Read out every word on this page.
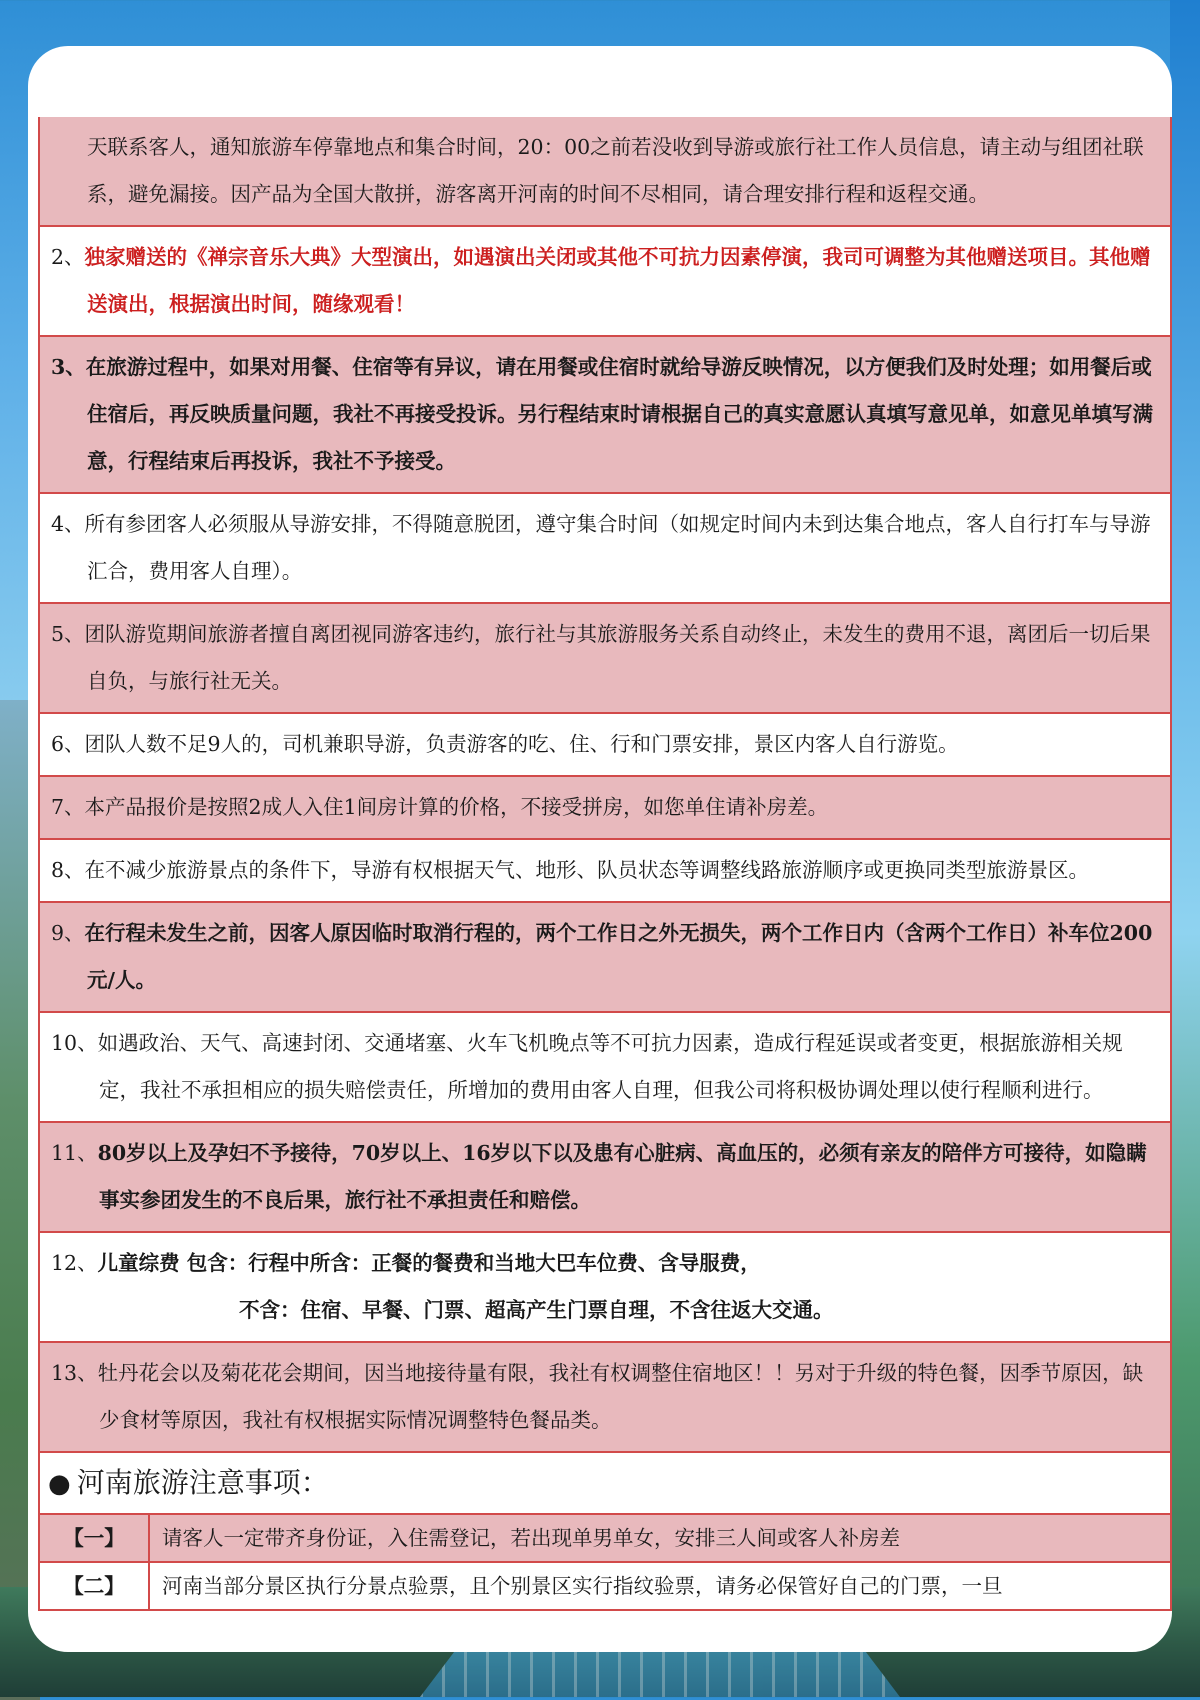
天联系客人，通知旅游车停靠地点和集合时间，20：00之前若没收到导游或旅行社工作人员信息，请主动与组团社联系，避免漏接。因产品为全国大散拼，游客离开河南的时间不尽相同，请合理安排行程和返程交通。
2、独家赠送的《禅宗音乐大典》大型演出，如遇演出关闭或其他不可抗力因素停演，我司可调整为其他赠送项目。其他赠送演出，根据演出时间，随缘观看！
3、在旅游过程中，如果对用餐、住宿等有异议，请在用餐或住宿时就给导游反映情况，以方便我们及时处理；如用餐后或住宿后，再反映质量问题，我社不再接受投诉。另行程结束时请根据自己的真实意愿认真填写意见单，如意见单填写满意，行程结束后再投诉，我社不予接受。
4、所有参团客人必须服从导游安排，不得随意脱团，遵守集合时间（如规定时间内未到达集合地点，客人自行打车与导游汇合，费用客人自理）。
5、团队游览期间旅游者擅自离团视同游客违约，旅行社与其旅游服务关系自动终止，未发生的费用不退，离团后一切后果自负，与旅行社无关。
6、团队人数不足9人的，司机兼职导游，负责游客的吃、住、行和门票安排，景区内客人自行游览。
7、本产品报价是按照2成人入住1间房计算的价格，不接受拼房，如您单住请补房差。
8、在不减少旅游景点的条件下，导游有权根据天气、地形、队员状态等调整线路旅游顺序或更换同类型旅游景区。
9、在行程未发生之前，因客人原因临时取消行程的，两个工作日之外无损失，两个工作日内（含两个工作日）补车位200元/人。
10、如遇政治、天气、高速封闭、交通堵塞、火车飞机晚点等不可抗力因素，造成行程延误或者变更，根据旅游相关规定，我社不承担相应的损失赔偿责任，所增加的费用由客人自理，但我公司将积极协调处理以使行程顺利进行。
11、80岁以上及孕妇不予接待，70岁以上、16岁以下以及患有心脏病、高血压的，必须有亲友的陪伴方可接待，如隐瞒事实参团发生的不良后果，旅行社不承担责任和赔偿。
12、儿童综费 包含：行程中所含：正餐的餐费和当地大巴车位费、含导服费，
不含：住宿、早餐、门票、超高产生门票自理，不含往返大交通。
13、牡丹花会以及菊花花会期间，因当地接待量有限，我社有权调整住宿地区！！另对于升级的特色餐，因季节原因，缺少食材等原因，我社有权根据实际情况调整特色餐品类。
● 河南旅游注意事项：
【一】	请客人一定带齐身份证，入住需登记，若出现单男单女，安排三人间或客人补房差
【二】	河南当部分景区执行分景点验票，且个别景区实行指纹验票，请务必保管好自己的门票，一旦
